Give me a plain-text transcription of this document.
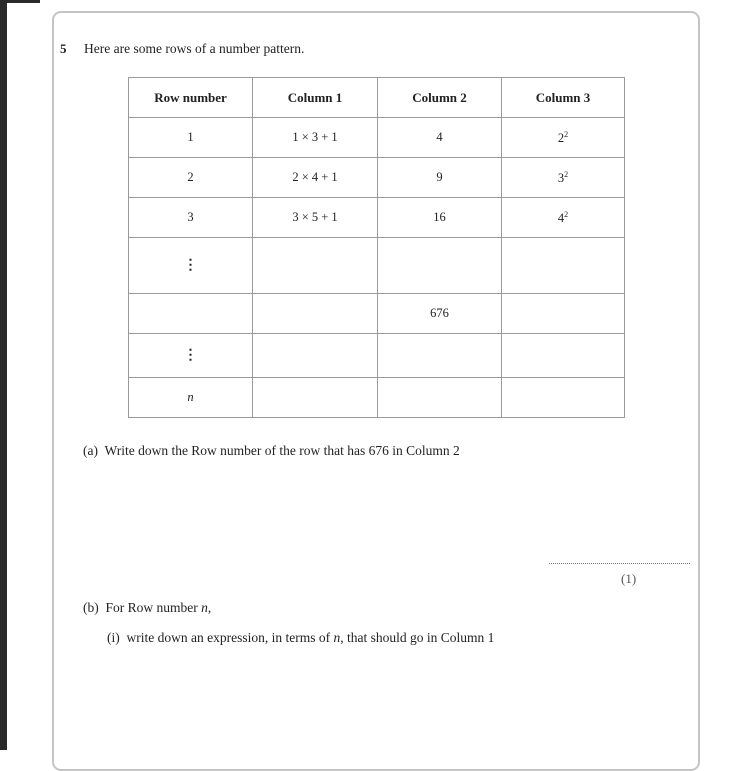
5 Here are some rows of a number pattern.
Row number	Column 1	Column 2	Column 3
1	1 × 3 + 1	4	$2^2$
2	2 × 4 + 1	9	$3^2$
3	3 × 5 + 1	16	$4^2$
⋮			
		676	
⋮			
n			
(a) Write down the Row number of the row that has 676 in Column 2
(1)
(b) For Row number n,
(i) write down an expression, in terms of n, that should go in Column 1
